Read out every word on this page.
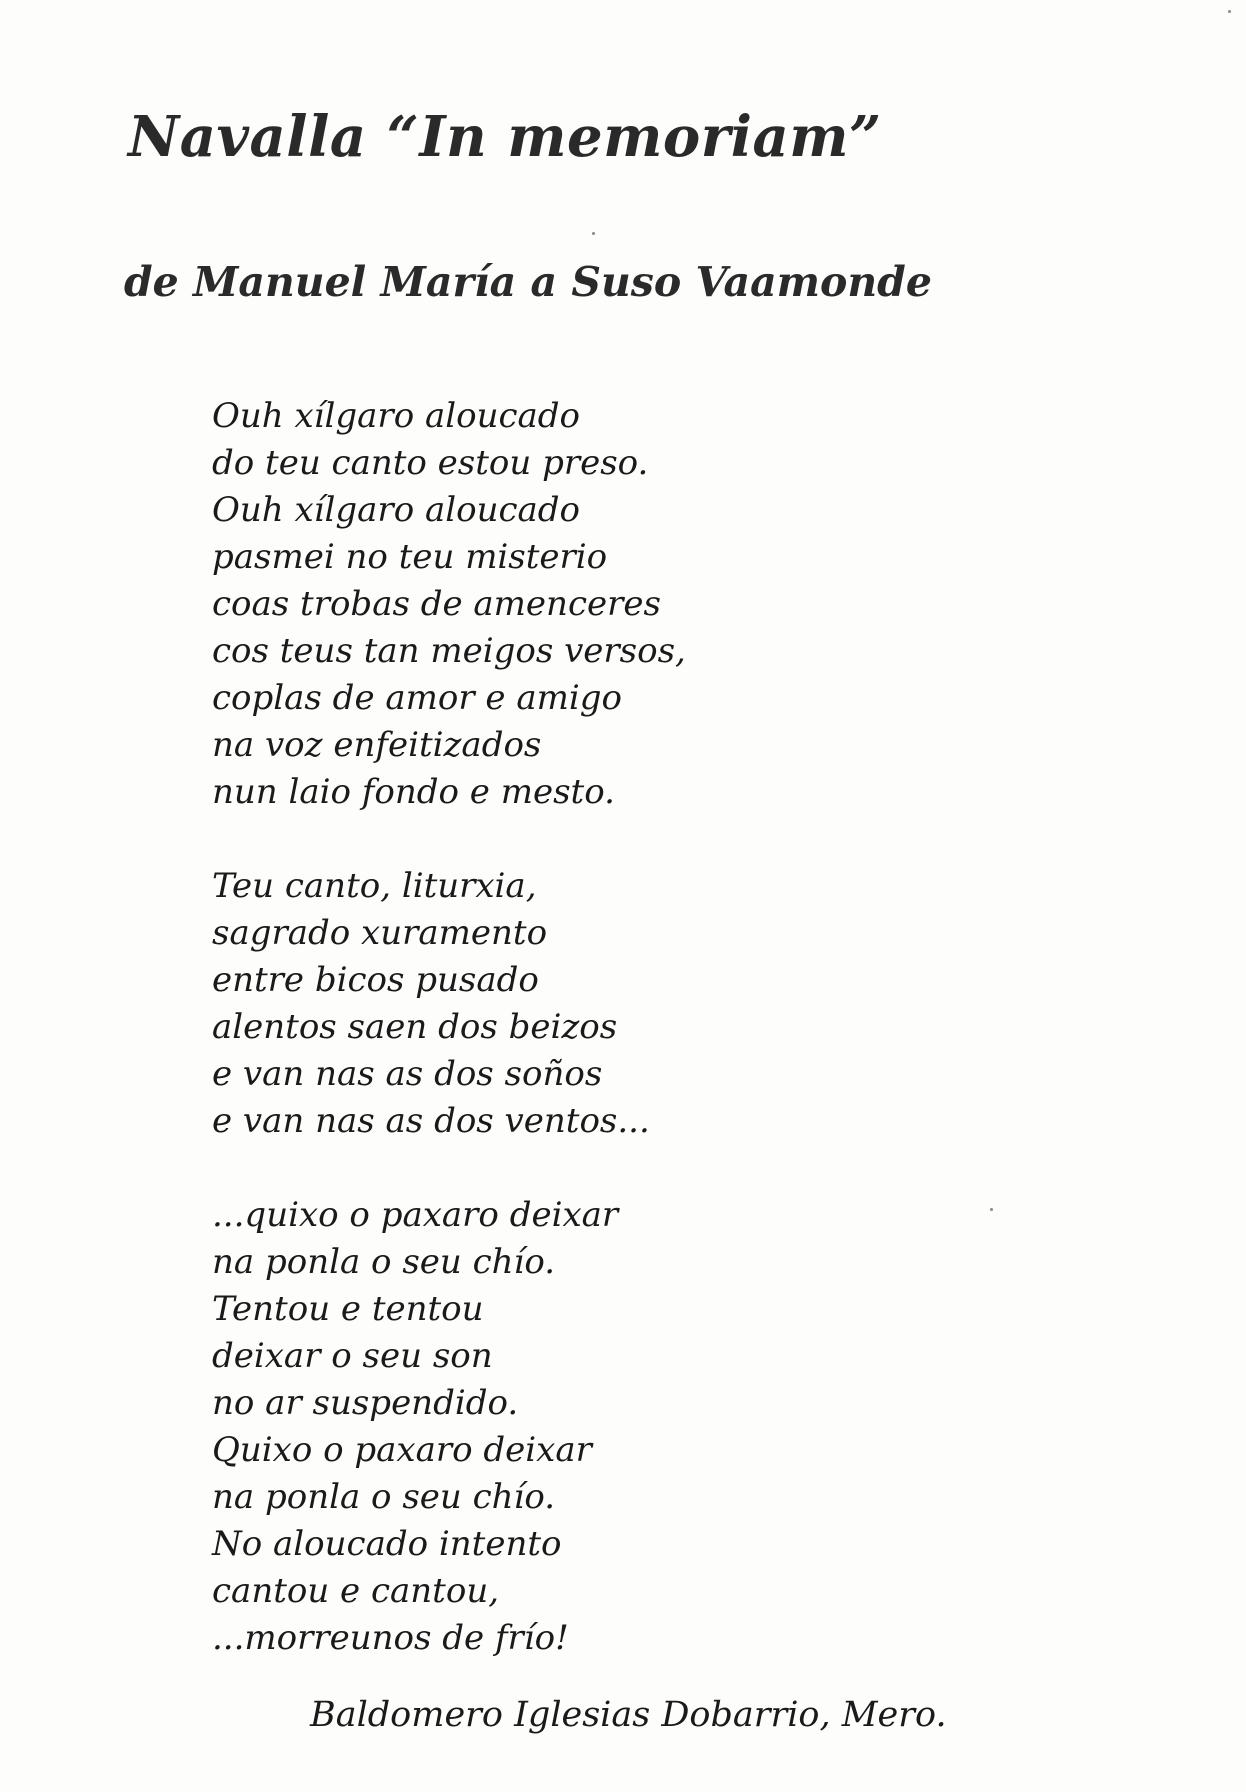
Navalla “In memoriam”
de Manuel María a Suso Vaamonde

Ouh xílgaro aloucado
do teu canto estou preso.
Ouh xílgaro aloucado
pasmei no teu misterio
coas trobas de amenceres
cos teus tan meigos versos,
coplas de amor e amigo
na voz enfeitizados
nun laio fondo e mesto.

Teu canto, liturxia,
sagrado xuramento
entre bicos pusado
alentos saen dos beizos
e van nas as dos soños
e van nas as dos ventos...

...quixo o paxaro deixar
na ponla o seu chío.
Tentou e tentou
deixar o seu son
no ar suspendido.
Quixo o paxaro deixar
na ponla o seu chío.
No aloucado intento
cantou e cantou,
...morreunos de frío!

Baldomero Iglesias Dobarrio, Mero.
